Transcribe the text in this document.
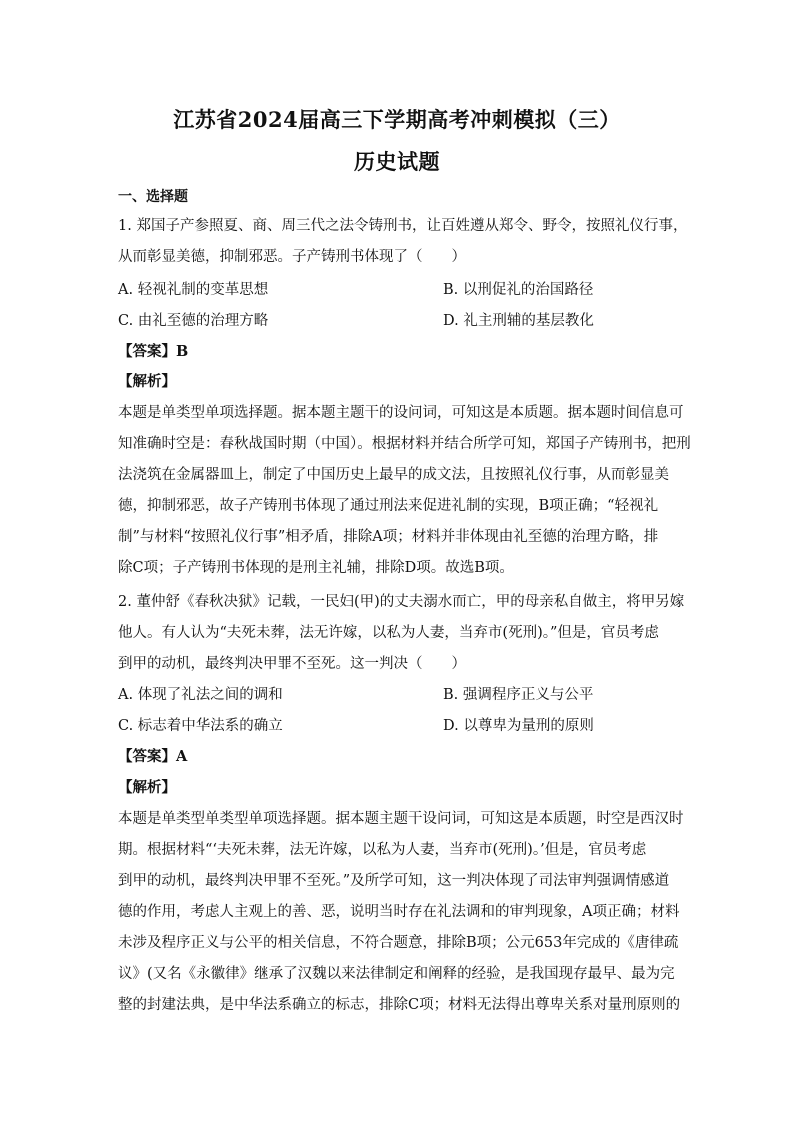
江苏省2024届高三下学期高考冲刺模拟（三）
历史试题
一、选择题
1. 郑国子产参照夏、商、周三代之法令铸刑书，让百姓遵从郑令、野令，按照礼仪行事，
从而彰显美德，抑制邪恶。子产铸刑书体现了（　　）
A. 轻视礼制的变革思想	B. 以刑促礼的治国路径
C. 由礼至德的治理方略	D. 礼主刑辅的基层教化
【答案】B
【解析】
本题是单类型单项选择题。据本题主题干的设问词，可知这是本质题。据本题时间信息可
知准确时空是：春秋战国时期（中国）。根据材料并结合所学可知，郑国子产铸刑书，把刑
法浇筑在金属器皿上，制定了中国历史上最早的成文法，且按照礼仪行事，从而彰显美
德，抑制邪恶，故子产铸刑书体现了通过刑法来促进礼制的实现，B项正确；“轻视礼
制”与材料“按照礼仪行事”相矛盾，排除A项；材料并非体现由礼至德的治理方略，排
除C项；子产铸刑书体现的是刑主礼辅，排除D项。故选B项。
2. 董仲舒《春秋决狱》记载，一民妇(甲)的丈夫溺水而亡，甲的母亲私自做主，将甲另嫁
他人。有人认为“夫死未葬，法无许嫁，以私为人妻，当弃市(死刑)。”但是，官员考虑
到甲的动机，最终判决甲罪不至死。这一判决（　　）
A. 体现了礼法之间的调和	B. 强调程序正义与公平
C. 标志着中华法系的确立	D. 以尊卑为量刑的原则
【答案】A
【解析】
本题是单类型单类型单项选择题。据本题主题干设问词，可知这是本质题，时空是西汉时
期。根据材料“‘夫死未葬，法无许嫁，以私为人妻，当弃市(死刑)。’但是，官员考虑
到甲的动机，最终判决甲罪不至死。”及所学可知，这一判决体现了司法审判强调情感道
德的作用，考虑人主观上的善、恶，说明当时存在礼法调和的审判现象，A项正确；材料
未涉及程序正义与公平的相关信息，不符合题意，排除B项；公元653年完成的《唐律疏
议》(又名《永徽律》继承了汉魏以来法律制定和阐释的经验，是我国现存最早、最为完
整的封建法典，是中华法系确立的标志，排除C项；材料无法得出尊卑关系对量刑原则的
